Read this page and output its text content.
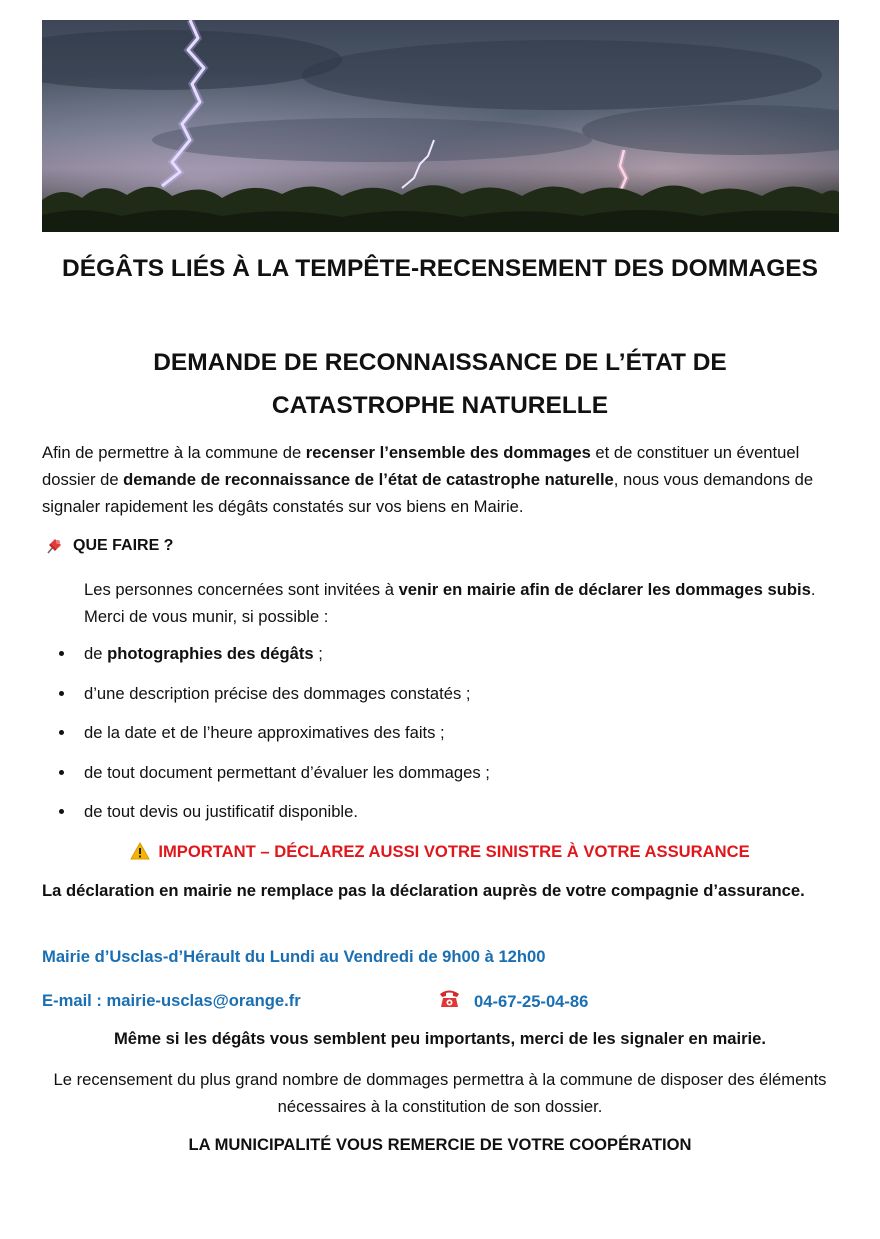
DÉGÂTS LIÉS À LA TEMPÊTE-RECENSEMENT DES DOMMAGES
DEMANDE DE RECONNAISSANCE DE L’ÉTAT DE CATASTROPHE NATURELLE

Afin de permettre à la commune de recenser l’ensemble des dommages et de constituer un éventuel dossier de demande de reconnaissance de l’état de catastrophe naturelle, nous vous demandons de signaler rapidement les dégâts constatés sur vos biens en Mairie.

QUE FAIRE ?

Les personnes concernées sont invitées à venir en mairie afin de déclarer les dommages subis. Merci de vous munir, si possible :

de photographies des dégâts ;
d’une description précise des dommages constatés ;
de la date et de l’heure approximatives des faits ;
de tout document permettant d’évaluer les dommages ;
de tout devis ou justificatif disponible.
IMPORTANT – DÉCLAREZ AUSSI VOTRE SINISTRE À VOTRE ASSURANCE

La déclaration en mairie ne remplace pas la déclaration auprès de votre compagnie d’assurance.

Mairie d’Usclas-d’Hérault du Lundi au Vendredi de 9h00 à 12h00
E-mail : mairie-usclas@orange.fr	04-67-25-04-86

Même si les dégâts vous semblent peu importants, merci de les signaler en mairie.

Le recensement du plus grand nombre de dommages permettra à la commune de disposer des éléments nécessaires à la constitution de son dossier.

LA MUNICIPALITÉ VOUS REMERCIE DE VOTRE COOPÉRATION
